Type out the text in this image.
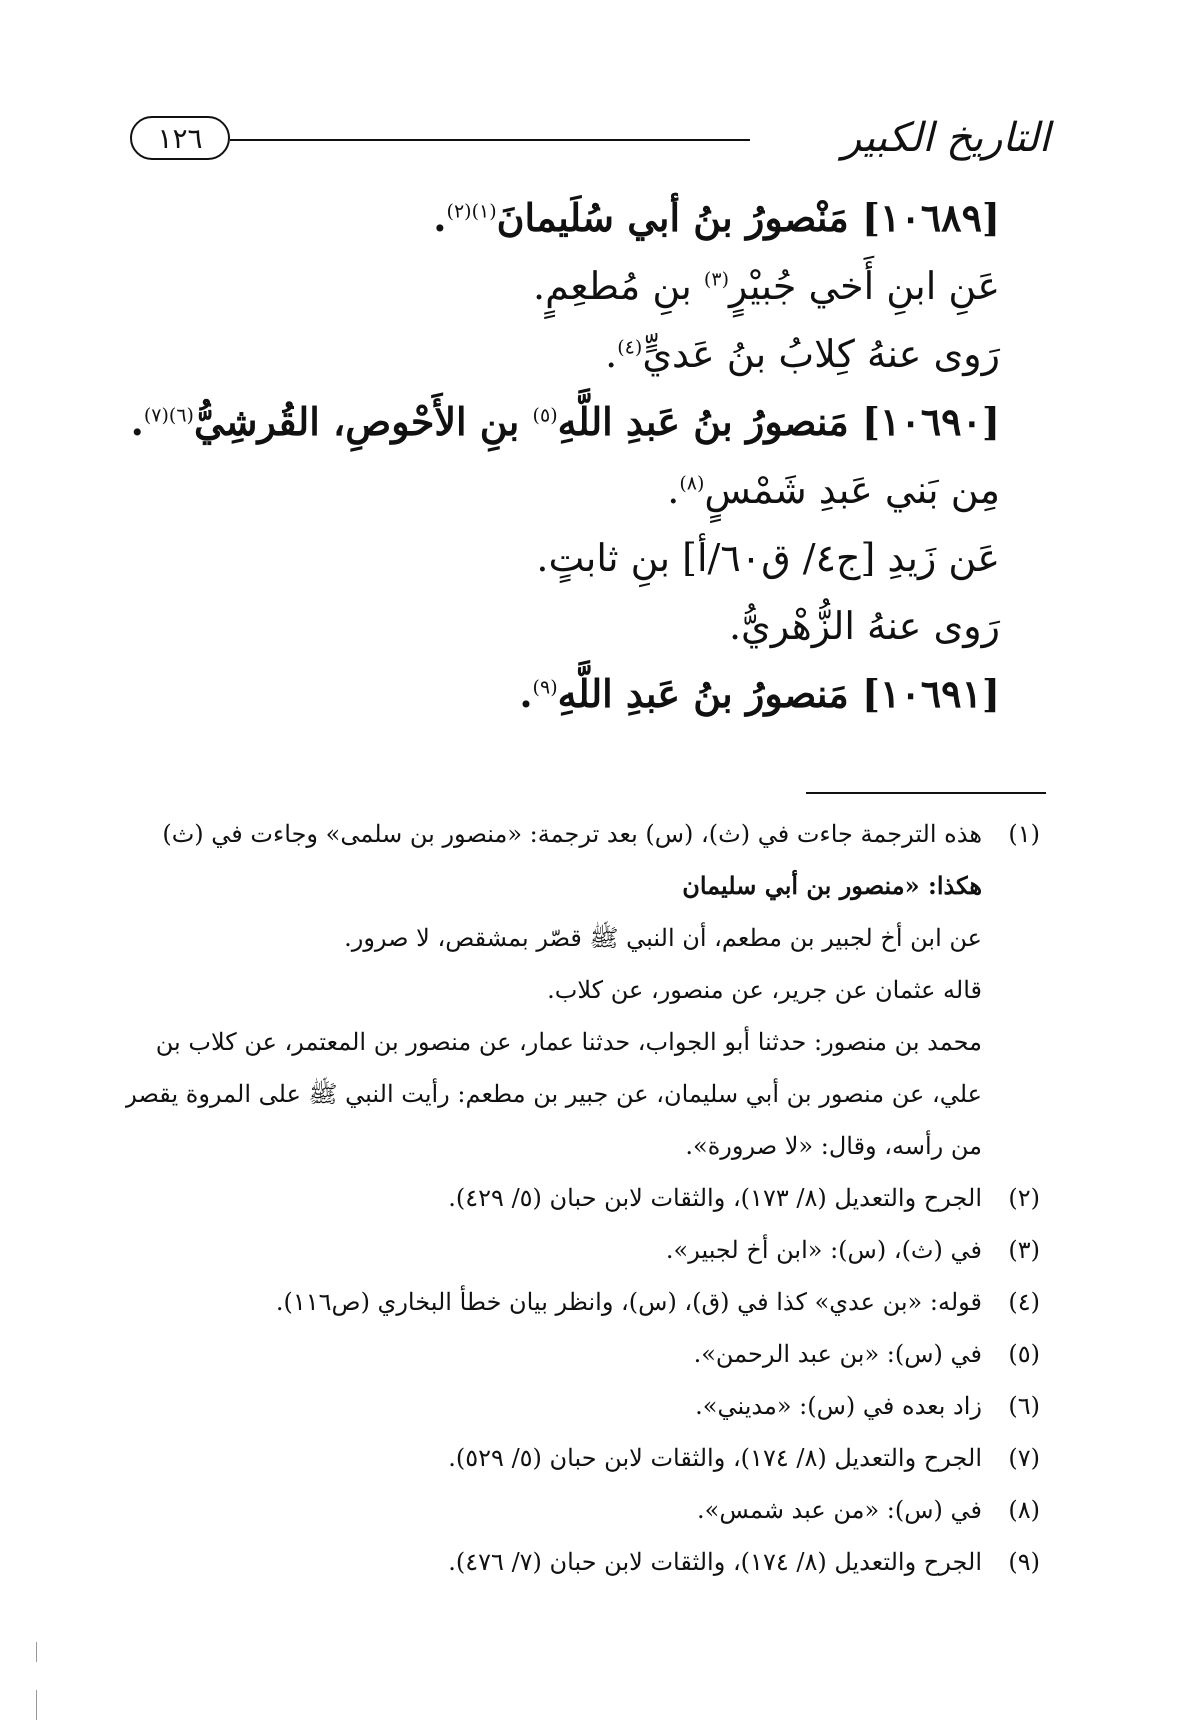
١٢٦	التاريخ الكبير
[١٠٦٨٩] مَنْصورُ بنُ أبي سُلَيمانَ$^{(١)(٢)}$.
عَنِ ابنِ أَخي جُبيْرٍ$^{(٣)}$ بنِ مُطعِمٍ.
رَوى عنهُ كِلابُ بنُ عَديٍّ$^{(٤)}$.
[١٠٦٩٠] مَنصورُ بنُ عَبدِ اللَّهِ$^{(٥)}$ بنِ الأَحْوصِ، القُرشِيُّ$^{(٦)(٧)}$.
مِن بَني عَبدِ شَمْسٍ$^{(٨)}$.
عَن زَيدِ [ج٤/ ق٦٠/أ] بنِ ثابتٍ.
رَوى عنهُ الزُّهْريُّ.
[١٠٦٩١] مَنصورُ بنُ عَبدِ اللَّهِ$^{(٩)}$.
(١)
هذه الترجمة جاءت في (ث)، (س) بعد ترجمة: «منصور بن سلمى» وجاءت في (ث)
هكذا: «منصور بن أبي سليمان
عن ابن أخ لجبير بن مطعم، أن النبي ﷺ قصّر بمشقص، لا صرور.
قاله عثمان عن جرير، عن منصور، عن كلاب.
محمد بن منصور: حدثنا أبو الجواب، حدثنا عمار، عن منصور بن المعتمر، عن كلاب بن
علي، عن منصور بن أبي سليمان، عن جبير بن مطعم: رأيت النبي ﷺ على المروة يقصر
من رأسه، وقال: «لا صرورة».
(٢)
الجرح والتعديل (٨/ ١٧٣)، والثقات لابن حبان (٥/ ٤٢٩).
(٣)
في (ث)، (س): «ابن أخ لجبير».
(٤)
قوله: «بن عدي» كذا في (ق)، (س)، وانظر بيان خطأ البخاري (ص١١٦).
(٥)
في (س): «بن عبد الرحمن».
(٦)
زاد بعده في (س): «مديني».
(٧)
الجرح والتعديل (٨/ ١٧٤)، والثقات لابن حبان (٥/ ٥٢٩).
(٨)
في (س): «من عبد شمس».
(٩)
الجرح والتعديل (٨/ ١٧٤)، والثقات لابن حبان (٧/ ٤٧٦).
